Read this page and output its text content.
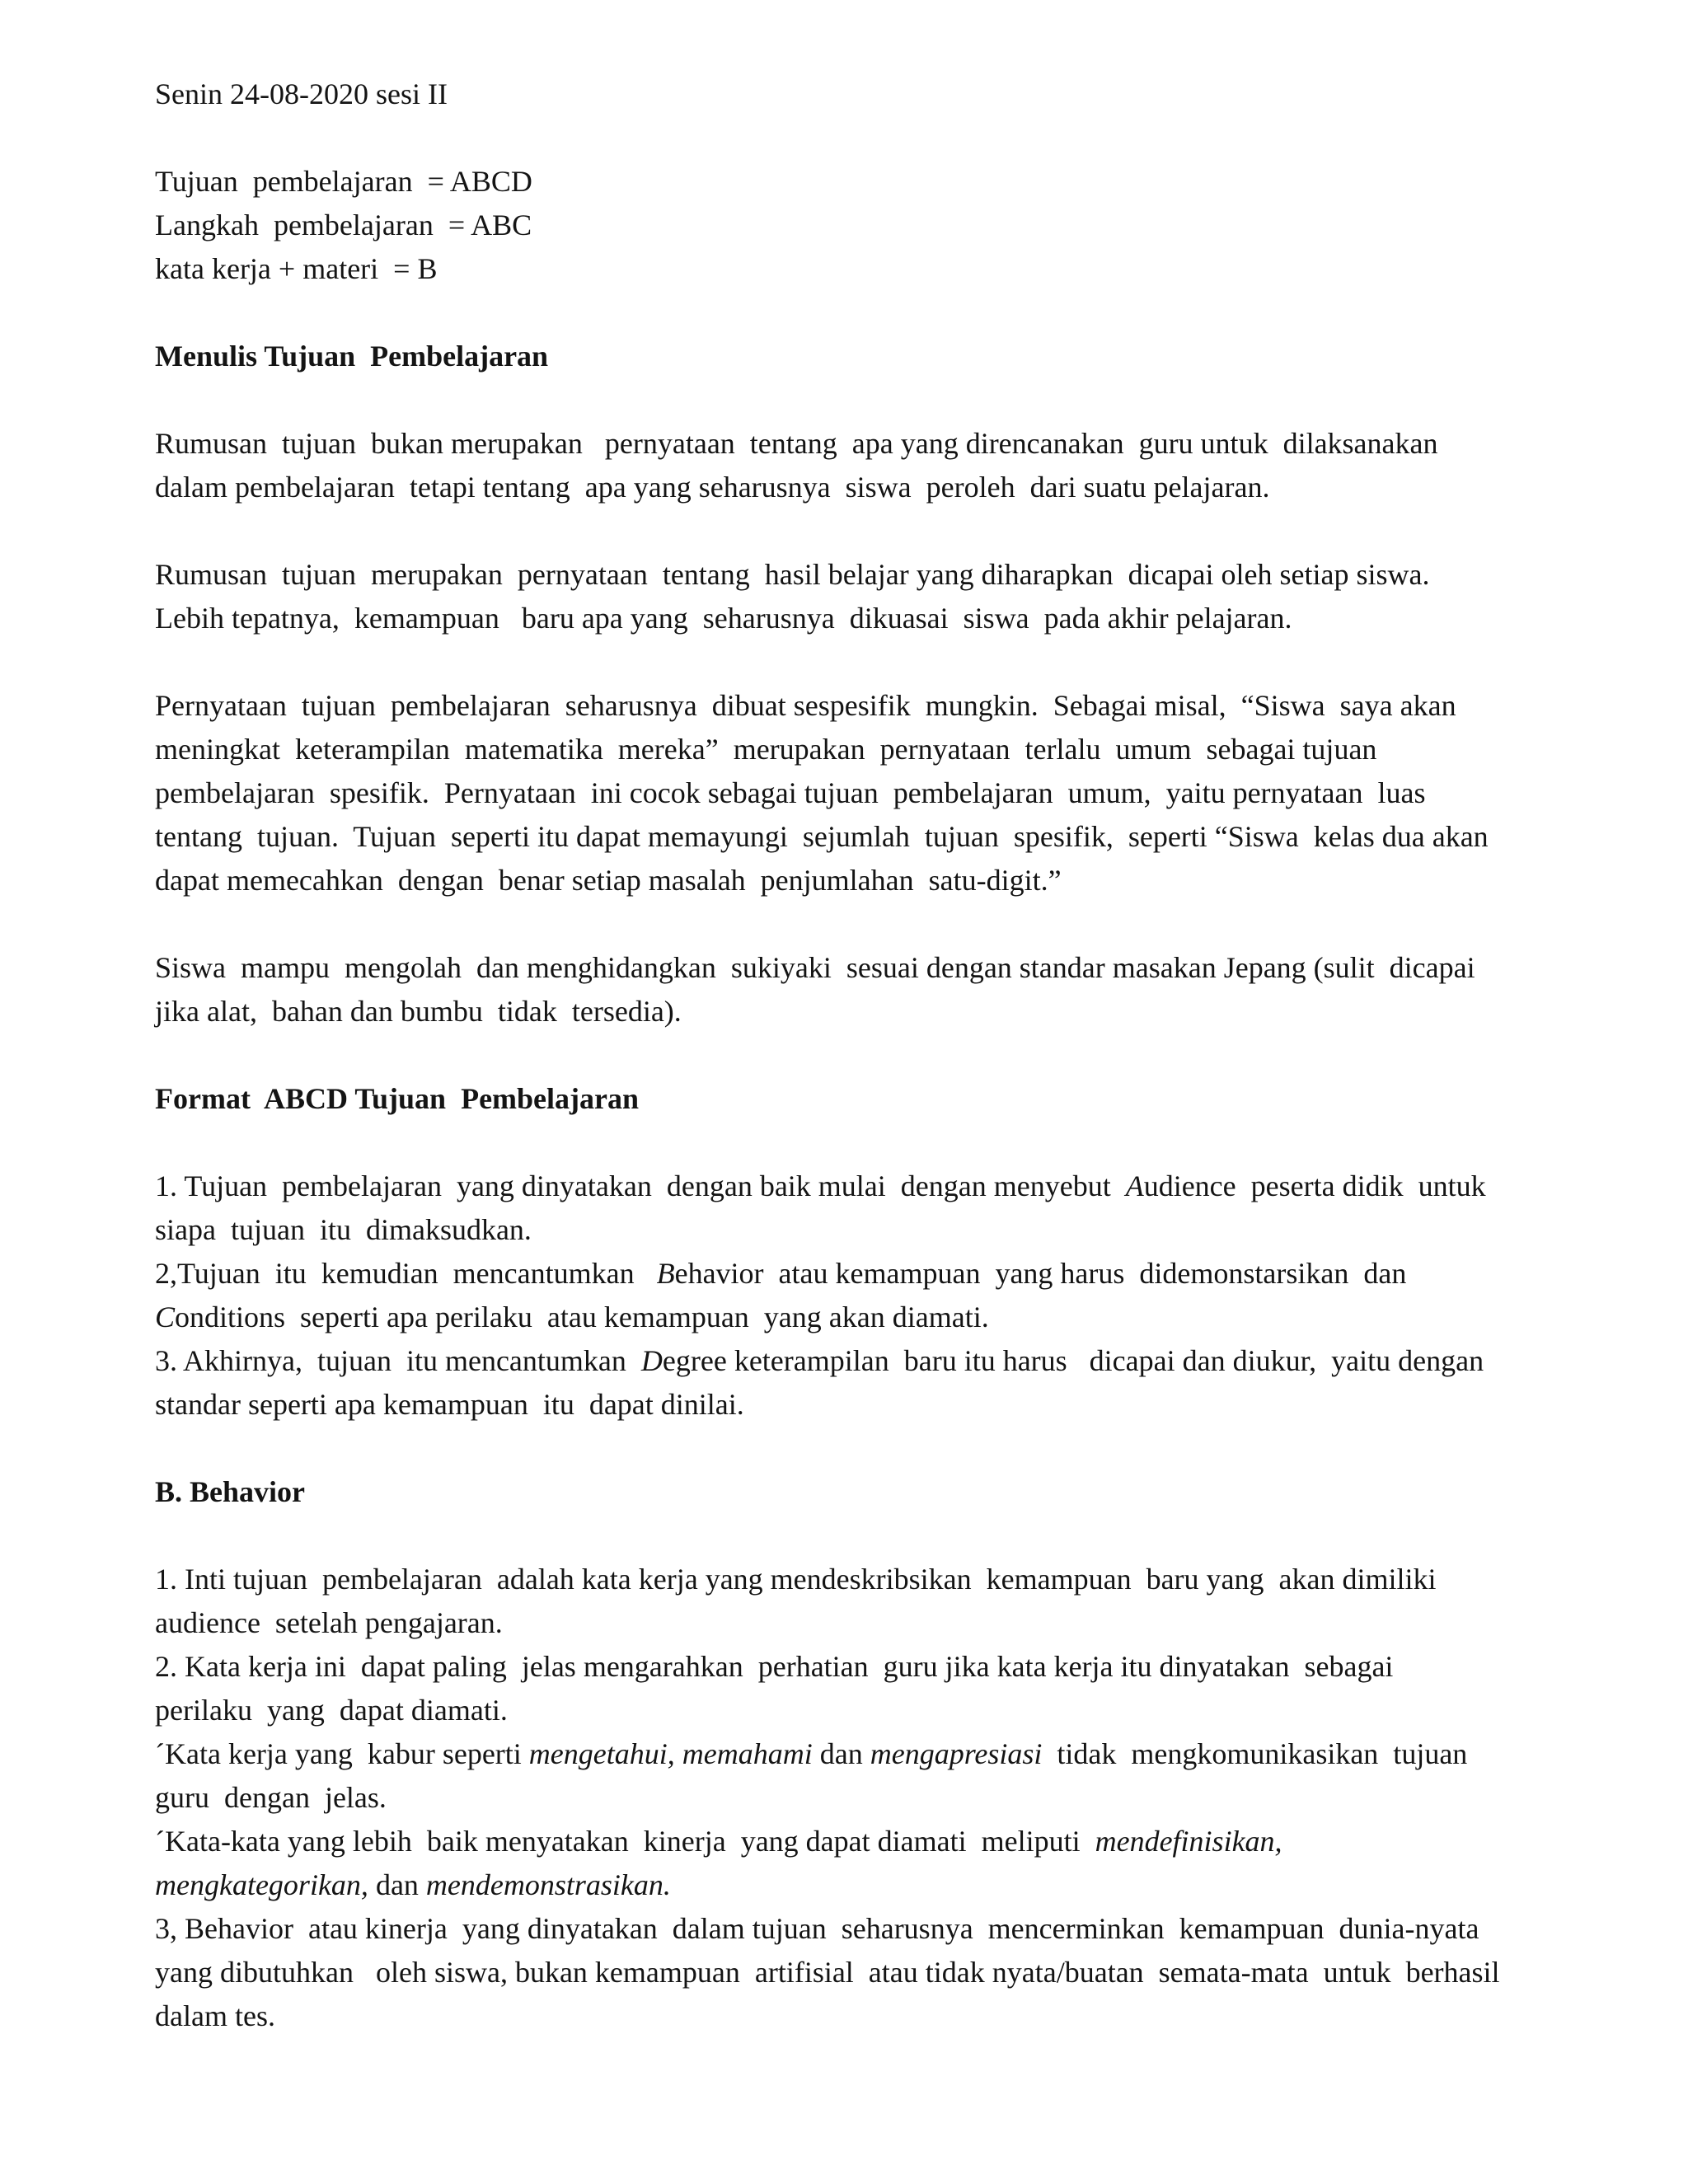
Senin 24-08-2020 sesi II

Tujuan  pembelajaran  = ABCD

Langkah  pembelajaran  = ABC

kata kerja + materi  = B

Menulis Tujuan  Pembelajaran

Rumusan  tujuan  bukan merupakan   pernyataan  tentang  apa yang direncanakan  guru untuk  dilaksanakan

dalam pembelajaran  tetapi tentang  apa yang seharusnya  siswa  peroleh  dari suatu pelajaran.

Rumusan  tujuan  merupakan  pernyataan  tentang  hasil belajar yang diharapkan  dicapai oleh setiap siswa.

Lebih tepatnya,  kemampuan   baru apa yang  seharusnya  dikuasai  siswa  pada akhir pelajaran.

Pernyataan  tujuan  pembelajaran  seharusnya  dibuat sespesifik  mungkin.  Sebagai misal,  “Siswa  saya akan

meningkat  keterampilan  matematika  mereka”  merupakan  pernyataan  terlalu  umum  sebagai tujuan

pembelajaran  spesifik.  Pernyataan  ini cocok sebagai tujuan  pembelajaran  umum,  yaitu pernyataan  luas

tentang  tujuan.  Tujuan  seperti itu dapat memayungi  sejumlah  tujuan  spesifik,  seperti “Siswa  kelas dua akan

dapat memecahkan  dengan  benar setiap masalah  penjumlahan  satu-digit.”

Siswa  mampu  mengolah  dan menghidangkan  sukiyaki  sesuai dengan standar masakan Jepang (sulit  dicapai

jika alat,  bahan dan bumbu  tidak  tersedia).

Format  ABCD Tujuan  Pembelajaran

1. Tujuan  pembelajaran  yang dinyatakan  dengan baik mulai  dengan menyebut  Audience  peserta didik  untuk

siapa  tujuan  itu  dimaksudkan.

2,Tujuan  itu  kemudian  mencantumkan   Behavior  atau kemampuan  yang harus  didemonstarsikan  dan

Conditions  seperti apa perilaku  atau kemampuan  yang akan diamati.

3. Akhirnya,  tujuan  itu mencantumkan  Degree keterampilan  baru itu harus   dicapai dan diukur,  yaitu dengan

standar seperti apa kemampuan  itu  dapat dinilai.

B. Behavior

1. Inti tujuan  pembelajaran  adalah kata kerja yang mendeskribsikan  kemampuan  baru yang  akan dimiliki

audience  setelah pengajaran.

2. Kata kerja ini  dapat paling  jelas mengarahkan  perhatian  guru jika kata kerja itu dinyatakan  sebagai

perilaku  yang  dapat diamati.

´Kata kerja yang  kabur seperti mengetahui, memahami dan mengapresiasi  tidak  mengkomunikasikan  tujuan

guru  dengan  jelas.

´Kata-kata yang lebih  baik menyatakan  kinerja  yang dapat diamati  meliputi  mendefinisikan,

mengkategorikan, dan mendemonstrasikan.

3, Behavior  atau kinerja  yang dinyatakan  dalam tujuan  seharusnya  mencerminkan  kemampuan  dunia-nyata

yang dibutuhkan   oleh siswa, bukan kemampuan  artifisial  atau tidak nyata/buatan  semata-mata  untuk  berhasil

dalam tes.
